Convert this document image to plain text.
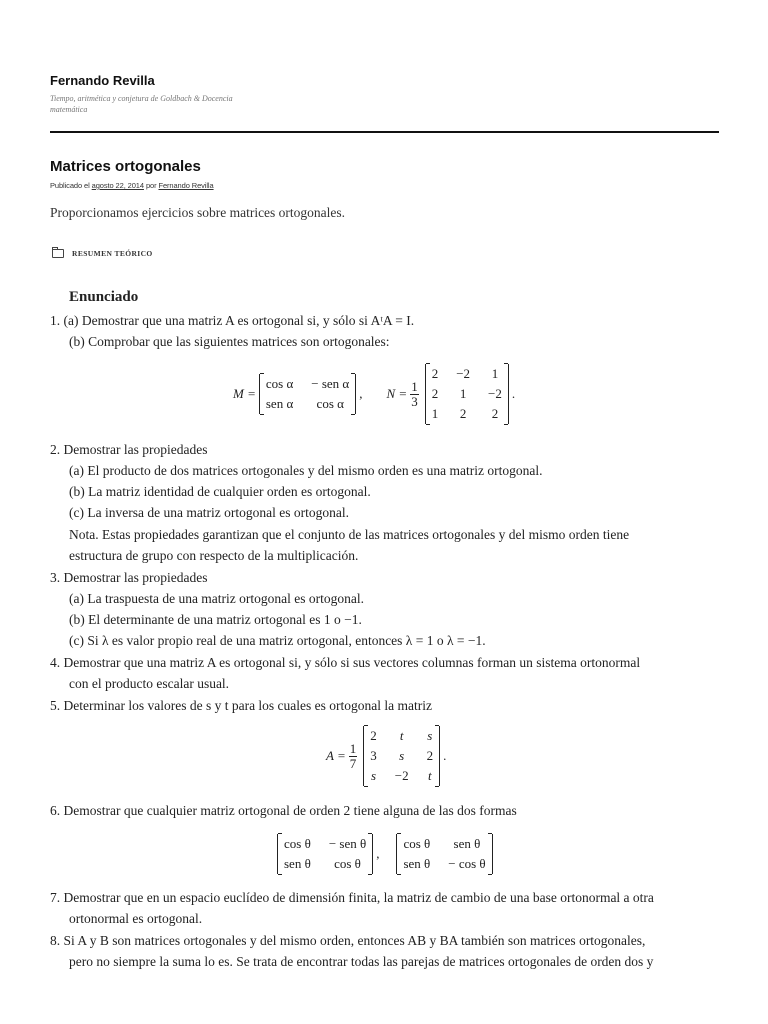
Fernando Revilla

Tiempo, aritmética y conjetura de Goldbach & Docencia matemática

Matrices ortogonales
Publicado el agosto 22, 2014 por Fernando Revilla

Proporcionamos ejercicios sobre matrices ortogonales.

RESUMEN TEÓRICO
Enunciado
1. (a) Demostrar que una matriz A es ortogonal si, y sólo si AᵗA = I.
(b) Comprobar que las siguientes matrices son ortogonales:
M =
cos α − sen α
sen α	cos α
, $N = \frac{1}{3}$
2 −2 1
2 1 −2
1 2 2
.
2. Demostrar las propiedades
(a) El producto de dos matrices ortogonales y del mismo orden es una matriz ortogonal.
(b) La matriz identidad de cualquier orden es ortogonal.
(c) La inversa de una matriz ortogonal es ortogonal.
Nota. Estas propiedades garantizan que el conjunto de las matrices ortogonales y del mismo orden tiene
estructura de grupo con respecto de la multiplicación.
3. Demostrar las propiedades
(a) La traspuesta de una matriz ortogonal es ortogonal.
(b) El determinante de una matriz ortogonal es 1 o −1.
(c) Si λ es valor propio real de una matriz ortogonal, entonces λ = 1 o λ = −1.
4. Demostrar que una matriz A es ortogonal si, y sólo si sus vectores columnas forman un sistema ortonormal
con el producto escalar usual.
5. Determinar los valores de s y t para los cuales es ortogonal la matriz
$A = \frac{1}{7}$
2	t	s
3	s	2
s −2 t
.
6. Demostrar que cualquier matriz ortogonal de orden 2 tiene alguna de las dos formas
cos θ − sen θ
sen θ	cos θ
,
cos θ	sen θ
sen θ − cos θ
7. Demostrar que en un espacio euclídeo de dimensión finita, la matriz de cambio de una base ortonormal a otra
ortonormal es ortogonal.
8. Si A y B son matrices ortogonales y del mismo orden, entonces AB y BA también son matrices ortogonales,
pero no siempre la suma lo es. Se trata de encontrar todas las parejas de matrices ortogonales de orden dos y
